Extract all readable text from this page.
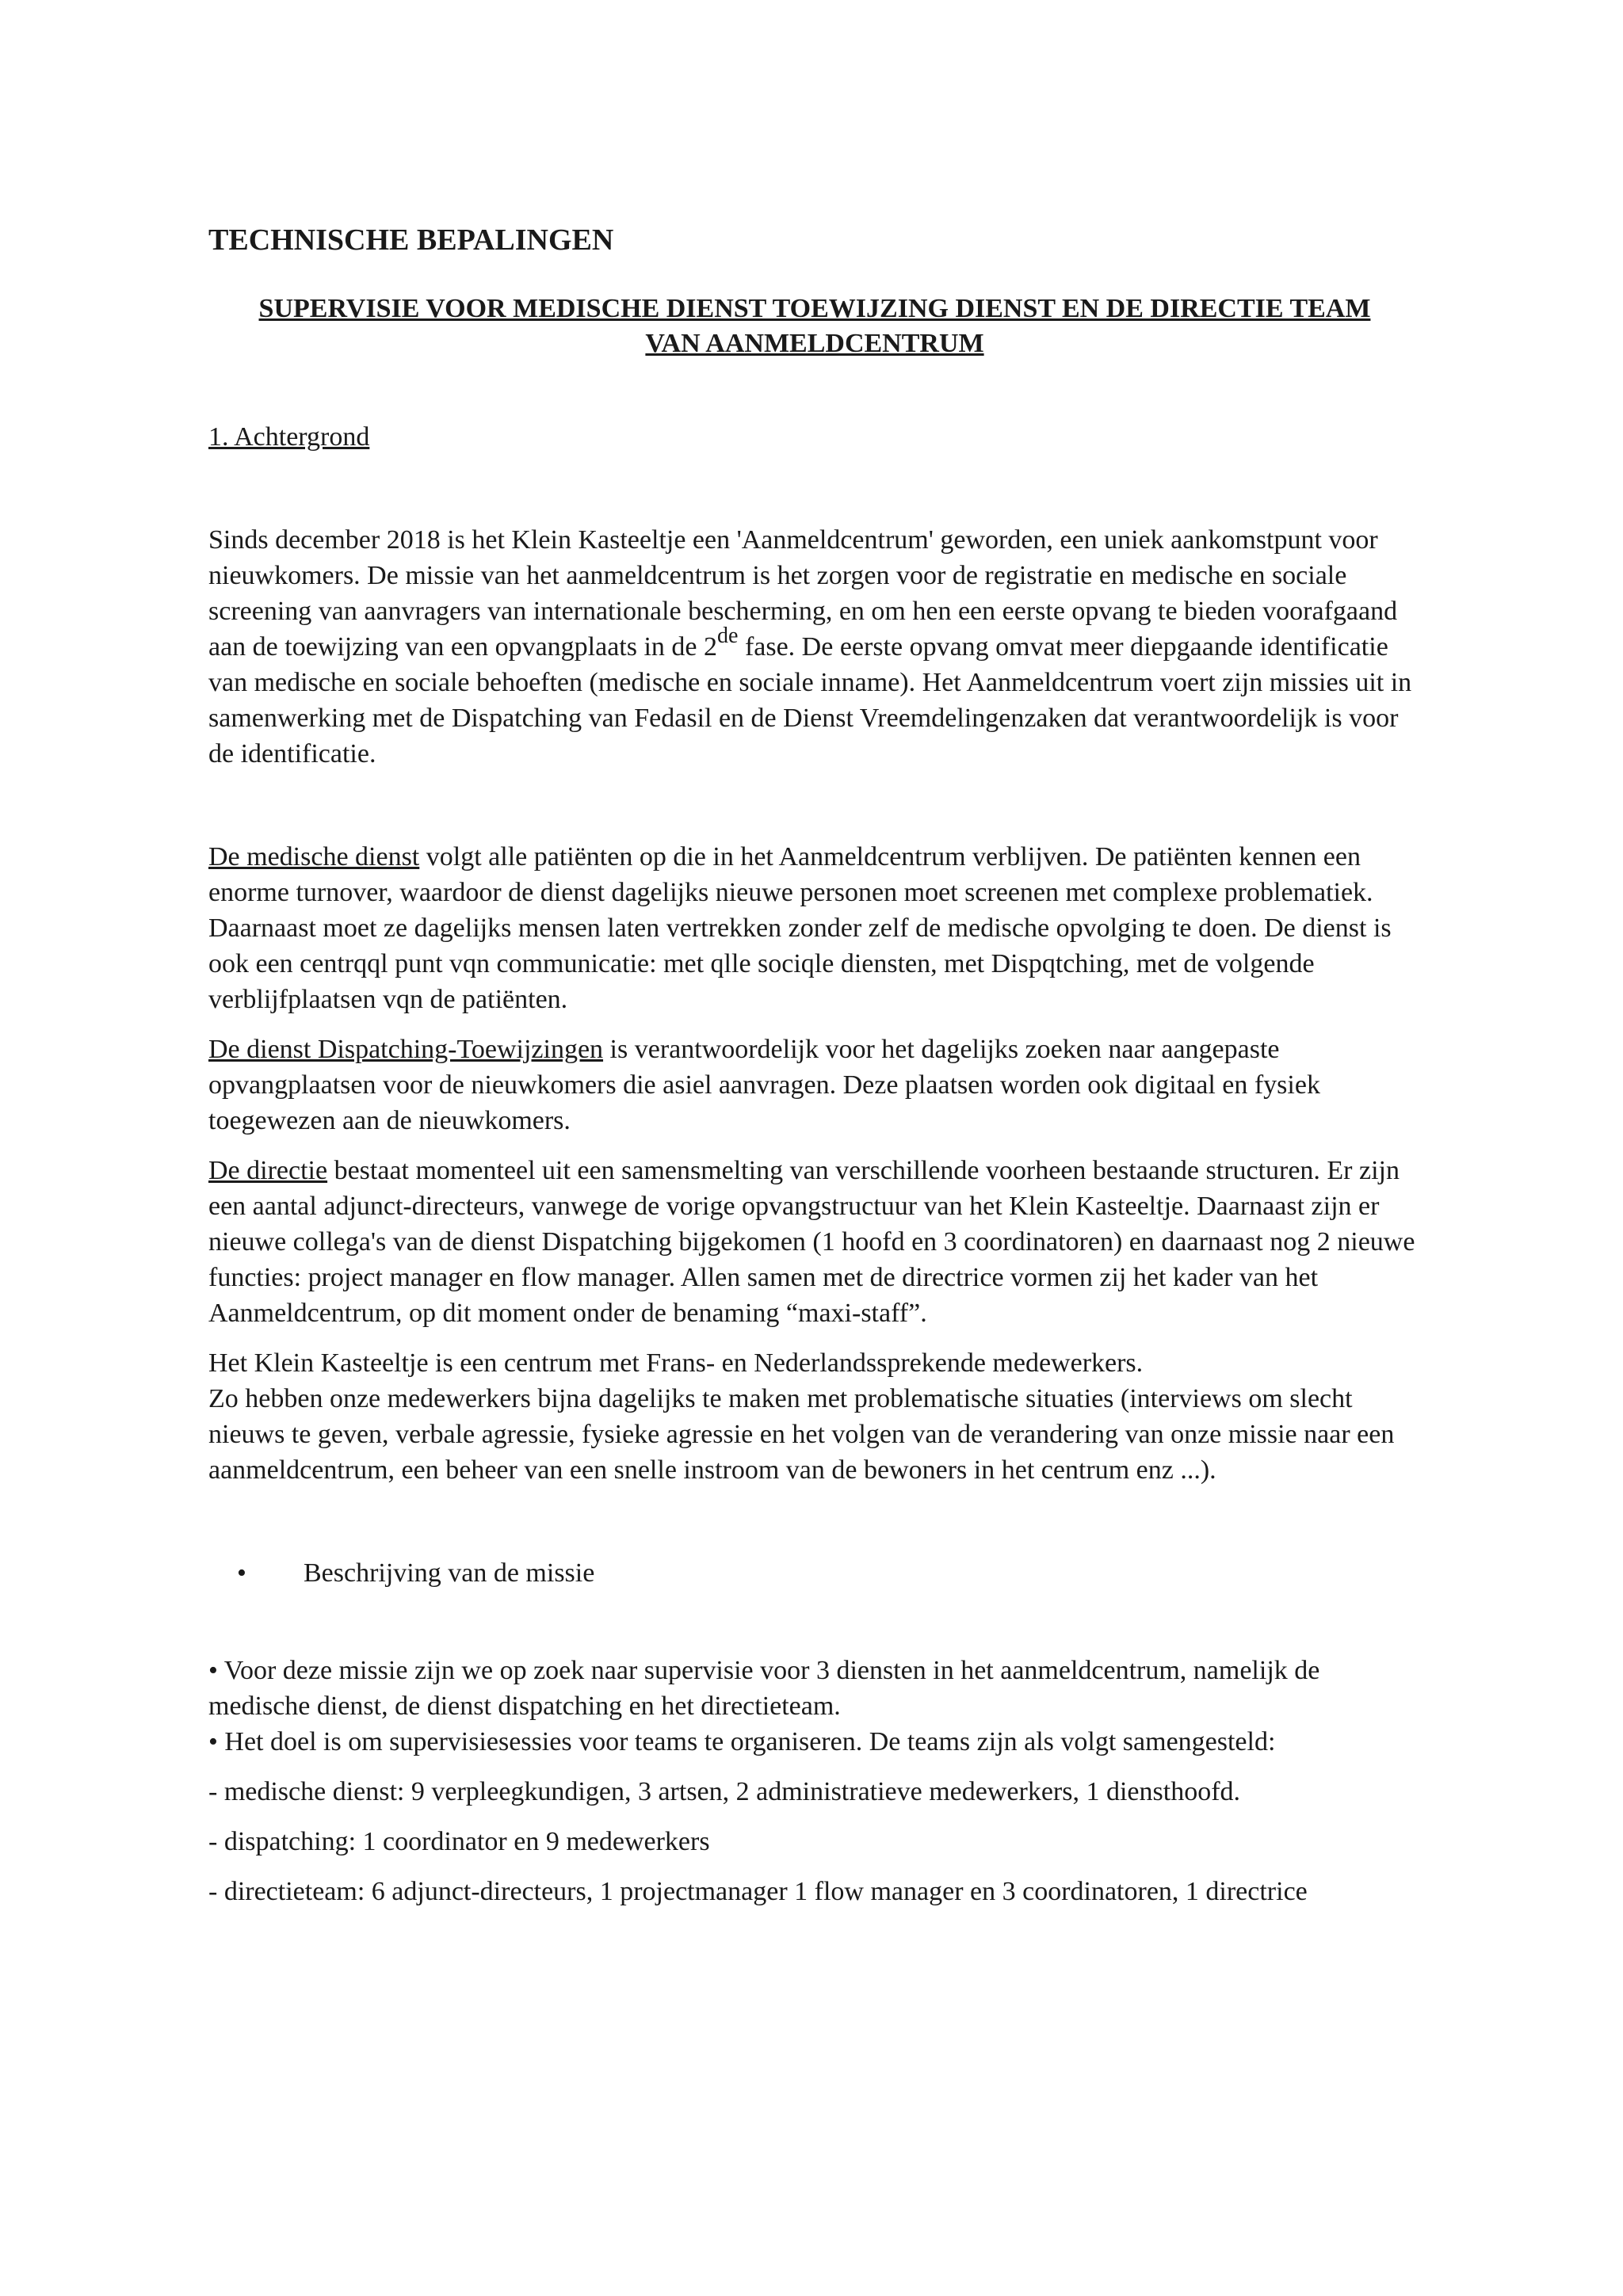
TECHNISCHE BEPALINGEN
SUPERVISIE VOOR MEDISCHE DIENST TOEWIJZING DIENST EN DE DIRECTIE TEAM VAN AANMELDCENTRUM
1. Achtergrond

Sinds december 2018 is het Klein Kasteeltje een 'Aanmeldcentrum' geworden, een uniek aankomstpunt voor nieuwkomers. De missie van het aanmeldcentrum is het zorgen voor de registratie en medische en sociale screening van aanvragers van internationale bescherming, en om hen een eerste opvang te bieden voorafgaand aan de toewijzing van een opvangplaats in de 2de fase. De eerste opvang omvat meer diepgaande identificatie van medische en sociale behoeften (medische en sociale inname). Het Aanmeldcentrum voert zijn missies uit in samenwerking met de Dispatching van Fedasil en de Dienst Vreemdelingenzaken dat verantwoordelijk is voor de identificatie.

De medische dienst volgt alle patiënten op die in het Aanmeldcentrum verblijven. De patiënten kennen een enorme turnover, waardoor de dienst dagelijks nieuwe personen moet screenen met complexe problematiek. Daarnaast moet ze dagelijks mensen laten vertrekken zonder zelf de medische opvolging te doen. De dienst is ook een centrqql punt vqn communicatie: met qlle sociqle diensten, met Dispqtching, met de volgende verblijfplaatsen vqn de patiënten.

De dienst Dispatching-Toewijzingen is verantwoordelijk voor het dagelijks zoeken naar aangepaste opvangplaatsen voor de nieuwkomers die asiel aanvragen. Deze plaatsen worden ook digitaal en fysiek toegewezen aan de nieuwkomers.

De directie bestaat momenteel uit een samensmelting van verschillende voorheen bestaande structuren. Er zijn een aantal adjunct-directeurs, vanwege de vorige opvangstructuur van het Klein Kasteeltje. Daarnaast zijn er nieuwe collega's van de dienst Dispatching bijgekomen (1 hoofd en 3 coordinatoren) en daarnaast nog 2 nieuwe functies: project manager en flow manager. Allen samen met de directrice vormen zij het kader van het Aanmeldcentrum, op dit moment onder de benaming “maxi-staff”.

Het Klein Kasteeltje is een centrum met Frans- en Nederlandssprekende medewerkers.
Zo hebben onze medewerkers bijna dagelijks te maken met problematische situaties (interviews om slecht nieuws te geven, verbale agressie, fysieke agressie en het volgen van de verandering van onze missie naar een aanmeldcentrum, een beheer van een snelle instroom van de bewoners in het centrum enz ...).

•	Beschrijving van de missie

• Voor deze missie zijn we op zoek naar supervisie voor 3 diensten in het aanmeldcentrum, namelijk de medische dienst, de dienst dispatching en het directieteam.

• Het doel is om supervisiesessies voor teams te organiseren. De teams zijn als volgt samengesteld:

- medische dienst: 9 verpleegkundigen, 3 artsen, 2 administratieve medewerkers, 1 diensthoofd.

- dispatching: 1 coordinator en 9 medewerkers

- directieteam: 6 adjunct-directeurs, 1 projectmanager 1 flow manager en 3 coordinatoren, 1 directrice
